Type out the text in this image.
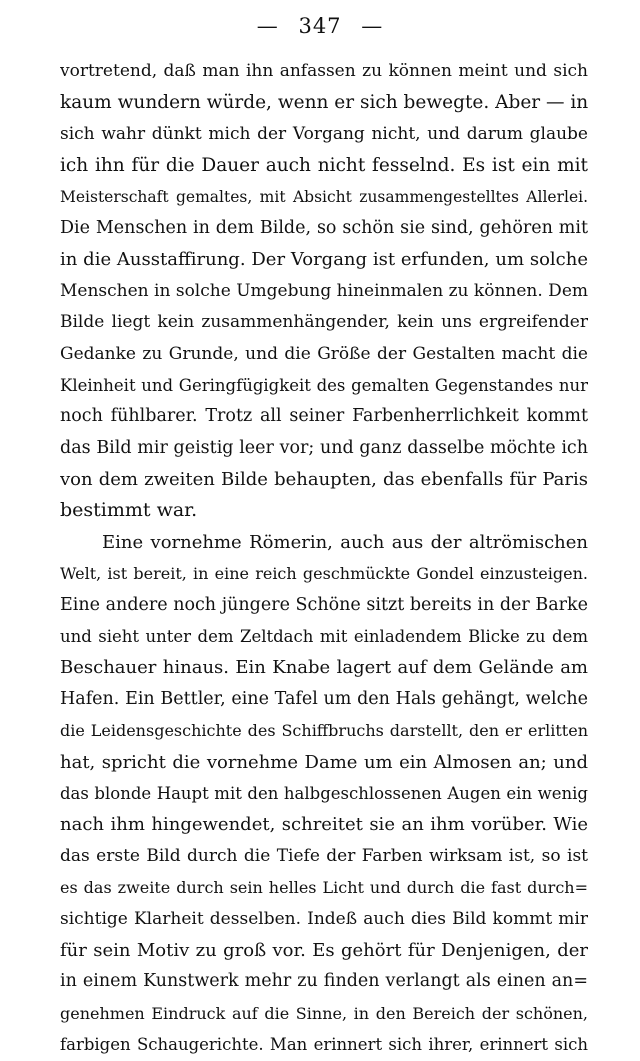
— 347 —
vortretend, daß man ihn anfassen zu können meint und sich
kaum wundern würde, wenn er sich bewegte. Aber — in
sich wahr dünkt mich der Vorgang nicht, und darum glaube
ich ihn für die Dauer auch nicht fesselnd. Es ist ein mit
Meisterschaft gemaltes, mit Absicht zusammengestelltes Allerlei.
Die Menschen in dem Bilde, so schön sie sind, gehören mit
in die Ausstaffirung. Der Vorgang ist erfunden, um solche
Menschen in solche Umgebung hineinmalen zu können. Dem
Bilde liegt kein zusammenhängender, kein uns ergreifender
Gedanke zu Grunde, und die Größe der Gestalten macht die
Kleinheit und Geringfügigkeit des gemalten Gegenstandes nur
noch fühlbarer. Trotz all seiner Farbenherrlichkeit kommt
das Bild mir geistig leer vor; und ganz dasselbe möchte ich
von dem zweiten Bilde behaupten, das ebenfalls für Paris
bestimmt war.
Eine vornehme Römerin, auch aus der altrömischen
Welt, ist bereit, in eine reich geschmückte Gondel einzusteigen.
Eine andere noch jüngere Schöne sitzt bereits in der Barke
und sieht unter dem Zeltdach mit einladendem Blicke zu dem
Beschauer hinaus. Ein Knabe lagert auf dem Gelände am
Hafen. Ein Bettler, eine Tafel um den Hals gehängt, welche
die Leidensgeschichte des Schiffbruchs darstellt, den er erlitten
hat, spricht die vornehme Dame um ein Almosen an; und
das blonde Haupt mit den halbgeschlossenen Augen ein wenig
nach ihm hingewendet, schreitet sie an ihm vorüber. Wie
das erste Bild durch die Tiefe der Farben wirksam ist, so ist
es das zweite durch sein helles Licht und durch die fast durch=
sichtige Klarheit desselben. Indeß auch dies Bild kommt mir
für sein Motiv zu groß vor. Es gehört für Denjenigen, der
in einem Kunstwerk mehr zu finden verlangt als einen an=
genehmen Eindruck auf die Sinne, in den Bereich der schönen,
farbigen Schaugerichte. Man erinnert sich ihrer, erinnert sich
